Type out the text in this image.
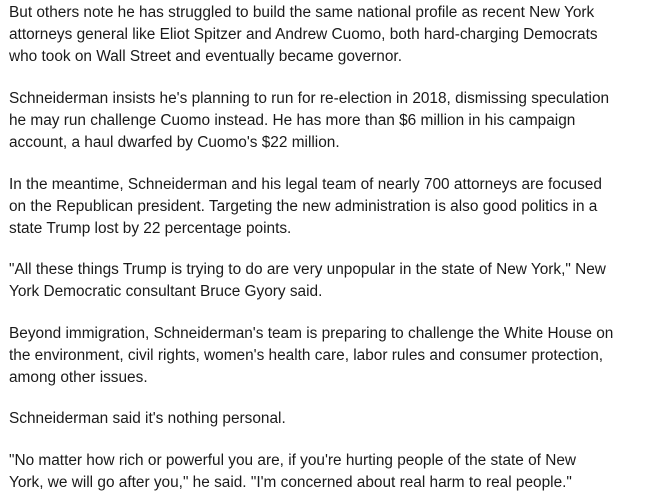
But others note he has struggled to build the same national profile as recent New York
attorneys general like Eliot Spitzer and Andrew Cuomo, both hard-charging Democrats
who took on Wall Street and eventually became governor.

Schneiderman insists he's planning to run for re-election in 2018, dismissing speculation
he may run challenge Cuomo instead. He has more than $6 million in his campaign
account, a haul dwarfed by Cuomo's $22 million.

In the meantime, Schneiderman and his legal team of nearly 700 attorneys are focused
on the Republican president. Targeting the new administration is also good politics in a
state Trump lost by 22 percentage points.

"All these things Trump is trying to do are very unpopular in the state of New York," New
York Democratic consultant Bruce Gyory said.

Beyond immigration, Schneiderman's team is preparing to challenge the White House on
the environment, civil rights, women's health care, labor rules and consumer protection,
among other issues.

Schneiderman said it's nothing personal.

"No matter how rich or powerful you are, if you're hurting people of the state of New
York, we will go after you," he said. "I'm concerned about real harm to real people."
